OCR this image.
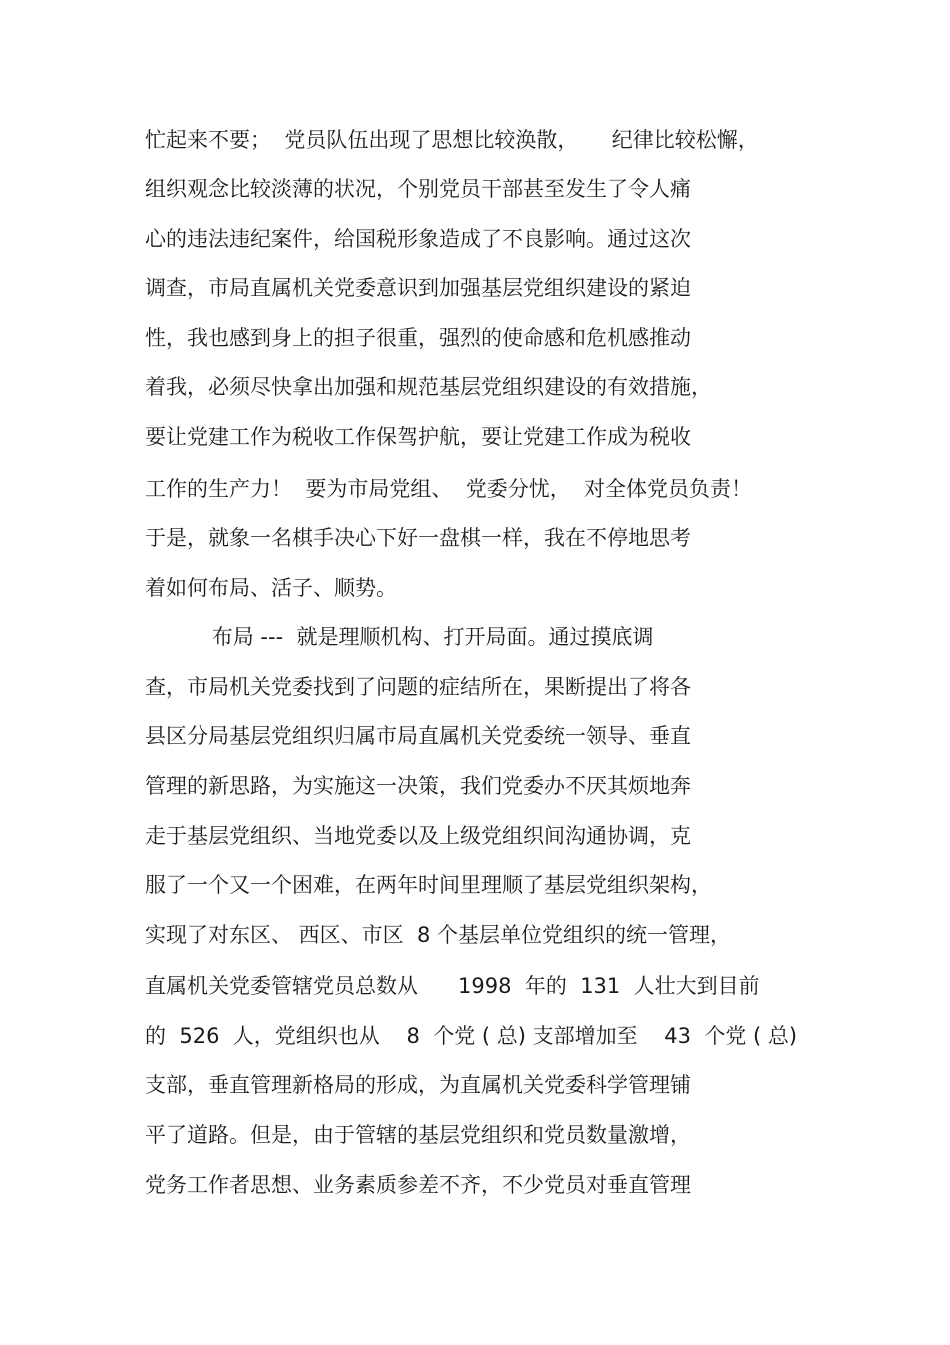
忙起来不要；  党员队伍出现了思想比较涣散，     纪律比较松懈，
组织观念比较淡薄的状况，个别党员干部甚至发生了令人痛
心的违法违纪案件，给国税形象造成了不良影响。通过这次
调查，市局直属机关党委意识到加强基层党组织建设的紧迫
性，我也感到身上的担子很重，强烈的使命感和危机感推动
着我，必须尽快拿出加强和规范基层党组织建设的有效措施，
要让党建工作为税收工作保驾护航，要让党建工作成为税收
工作的生产力！  要为市局党组、  党委分忧，  对全体党员负责！
于是，就象一名棋手决心下好一盘棋一样，我在不停地思考
着如何布局、活子、顺势。
布局 ---  就是理顺机构、打开局面。通过摸底调
查，市局机关党委找到了问题的症结所在，果断提出了将各
县区分局基层党组织归属市局直属机关党委统一领导、垂直
管理的新思路，为实施这一决策，我们党委办不厌其烦地奔
走于基层党组织、当地党委以及上级党组织间沟通协调，克
服了一个又一个困难，在两年时间里理顺了基层党组织架构，
实现了对东区、 西区、市区  8 个基层单位党组织的统一管理，
直属机关党委管辖党员总数从      1998  年的  131  人壮大到目前
的  526  人，党组织也从    8  个党 ( 总) 支部增加至    43  个党 ( 总)
支部，垂直管理新格局的形成，为直属机关党委科学管理铺
平了道路。但是，由于管辖的基层党组织和党员数量激增，
党务工作者思想、业务素质参差不齐，不少党员对垂直管理
